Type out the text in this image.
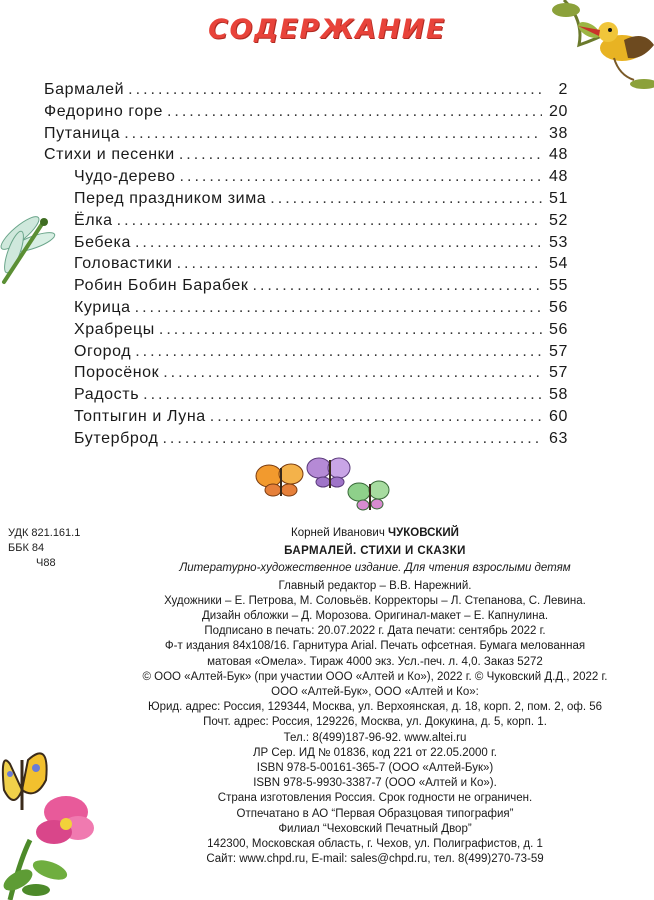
СОДЕРЖАНИЕ
Бармалей .....	2
Федорино горе .....	20
Путаница .....	38
Стихи и песенки .....	48
Чудо-дерево .....	48
Перед праздником зима .....	51
Ёлка .....	52
Бебека .....	53
Головастики .....	54
Робин Бобин Барабек .....	55
Курица .....	56
Храбрецы .....	56
Огород .....	57
Поросёнок .....	57
Радость .....	58
Топтыгин и Луна .....	60
Бутерброд .....	63
УДК 821.161.1
ББК 84
Ч88
Корней Иванович ЧУКОВСКИЙ
БАРМАЛЕЙ. СТИХИ И СКАЗКИ
Литературно-художественное издание. Для чтения взрослыми детям
Главный редактор – В.В. Нарежний.
Художники – Е. Петрова, М. Соловьёв. Корректоры – Л. Степанова, С. Левина.
Дизайн обложки – Д. Морозова. Оригинал-макет – Е. Капнулина.
Подписано в печать: 20.07.2022 г. Дата печати: сентябрь 2022 г.
Ф-т издания 84х108/16. Гарнитура Arial. Печать офсетная. Бумага мелованная
матовая «Омела». Тираж 4000 экз. Усл.-печ. л. 4,0. Заказ 5272
© ООО «Алтей-Бук» (при участии ООО «Алтей и Ко»), 2022 г. © Чуковский Д.Д., 2022 г.
ООО «Алтей-Бук», ООО «Алтей и Ко»:
Юрид. адрес: Россия, 129344, Москва, ул. Верхоянская, д. 18, корп. 2, пом. 2, оф. 56
Почт. адрес: Россия, 129226, Москва, ул. Докукина, д. 5, корп. 1.
Тел.: 8(499)187-96-92. www.altei.ru
ЛР Сер. ИД № 01836, код 221 от 22.05.2000 г.
ISBN 978-5-00161-365-7 (ООО «Алтей-Бук»)
ISBN 978-5-9930-3387-7 (ООО «Алтей и Ко»).
Страна изготовления Россия. Срок годности не ограничен.
Отпечатано в АО “Первая Образцовая типография”
Филиал “Чеховский Печатный Двор”
142300, Московская область, г. Чехов, ул. Полиграфистов, д. 1
Сайт: www.chpd.ru, E-mail: sales@chpd.ru, тел. 8(499)270-73-59
